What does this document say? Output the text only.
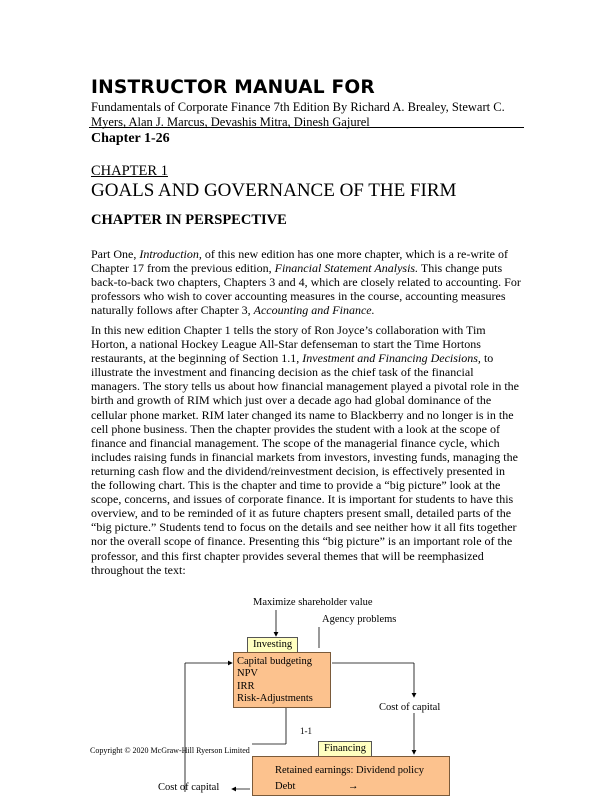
INSTRUCTOR MANUAL FOR
Fundamentals of Corporate Finance 7th Edition By Richard A. Brealey, Stewart C.
Myers, Alan J. Marcus, Devashis Mitra, Dinesh Gajurel
Chapter 1-26
CHAPTER 1
GOALS AND GOVERNANCE OF THE FIRM
CHAPTER IN PERSPECTIVE
Part One, Introduction, of this new edition has one more chapter, which is a re-write of Chapter 17 from the previous edition, Financial Statement Analysis. This change puts back-to-back two chapters, Chapters 3 and 4, which are closely related to accounting. For professors who wish to cover accounting measures in the course, accounting measures naturally follows after Chapter 3, Accounting and Finance.
In this new edition Chapter 1 tells the story of Ron Joyce’s collaboration with Tim Horton, a national Hockey League All-Star defenseman to start the Time Hortons restaurants, at the beginning of Section 1.1, Investment and Financing Decisions, to illustrate the investment and financing decision as the chief task of the financial managers. The story tells us about how financial management played a pivotal role in the birth and growth of RIM which just over a decade ago had global dominance of the cellular phone market. RIM later changed its name to Blackberry and no longer is in the cell phone business. Then the chapter provides the student with a look at the scope of finance and financial management. The scope of the managerial finance cycle, which includes raising funds in financial markets from investors, investing funds, managing the returning cash flow and the dividend/reinvestment decision, is effectively presented in the following chart. This is the chapter and time to provide a “big picture” look at the scope, concerns, and issues of corporate finance. It is important for students to have this overview, and to be reminded of it as future chapters present small, detailed parts of the “big picture.” Students tend to focus on the details and see neither how it all fits together nor the overall scope of finance. Presenting this “big picture” is an important role of the professor, and this first chapter provides several themes that will be reemphasized throughout the text:
Maximize shareholder value
Agency problems
Investing
Capital budgeting
NPV
IRR
Risk-Adjustments
Cost of capital
1-1
Financing
Retained earnings: Dividend policy
Debt	→
Cost of capital
Copyright © 2020 McGraw-Hill Ryerson Limited
